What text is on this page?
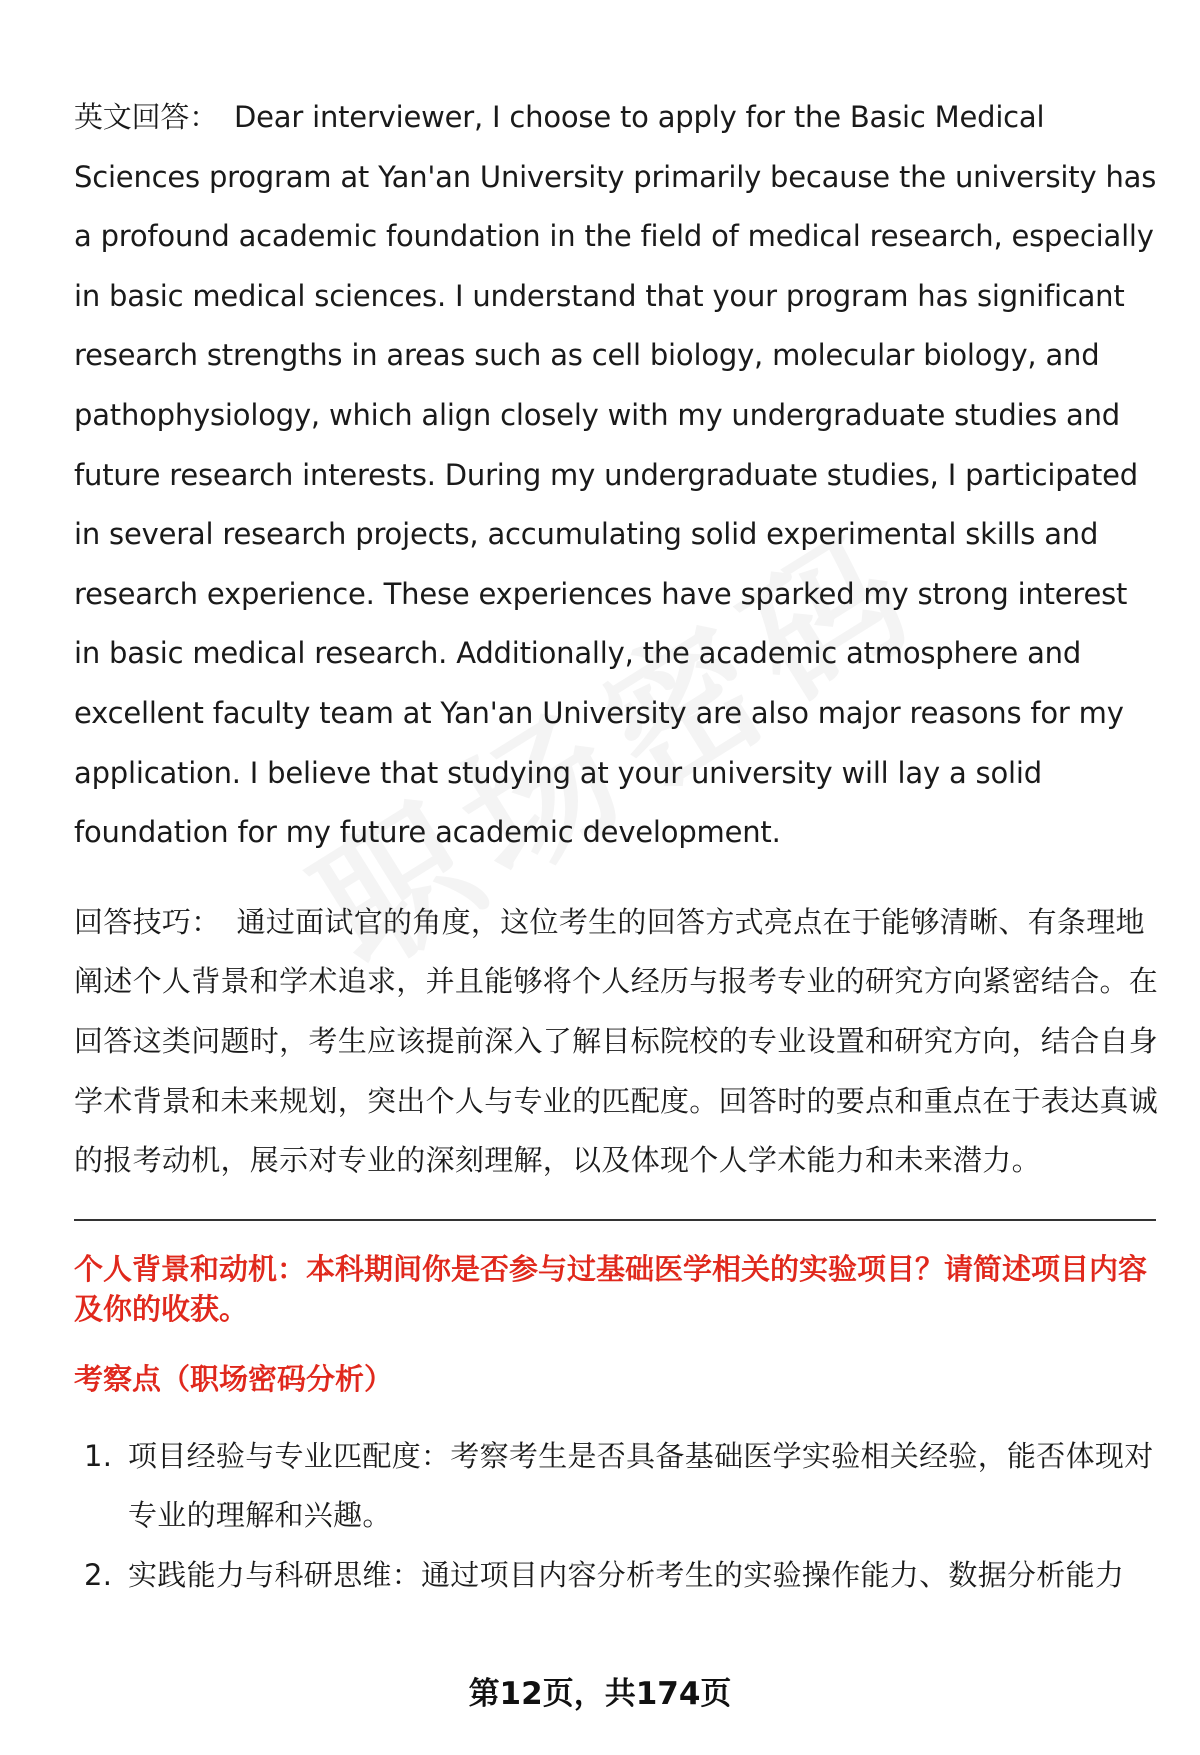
英文回答： Dear interviewer, I choose to apply for the Basic Medical Sciences program at Yan'an University primarily because the university has a profound academic foundation in the field of medical research, especially in basic medical sciences. I understand that your program has significant research strengths in areas such as cell biology, molecular biology, and pathophysiology, which align closely with my undergraduate studies and future research interests. During my undergraduate studies, I participated in several research projects, accumulating solid experimental skills and research experience. These experiences have sparked my strong interest in basic medical research. Additionally, the academic atmosphere and excellent faculty team at Yan'an University are also major reasons for my application. I believe that studying at your university will lay a solid foundation for my future academic development.

回答技巧： 通过面试官的角度，这位考生的回答方式亮点在于能够清晰、有条理地阐述个人背景和学术追求，并且能够将个人经历与报考专业的研究方向紧密结合。在回答这类问题时，考生应该提前深入了解目标院校的专业设置和研究方向，结合自身学术背景和未来规划，突出个人与专业的匹配度。回答时的要点和重点在于表达真诚的报考动机，展示对专业的深刻理解，以及体现个人学术能力和未来潜力。

个人背景和动机：本科期间你是否参与过基础医学相关的实验项目？请简述项目内容及你的收获。
考察点（职场密码分析）
1. 项目经验与专业匹配度：考察考生是否具备基础医学实验相关经验，能否体现对专业的理解和兴趣。
2. 实践能力与科研思维：通过项目内容分析考生的实验操作能力、数据分析能力
第12页，共174页
